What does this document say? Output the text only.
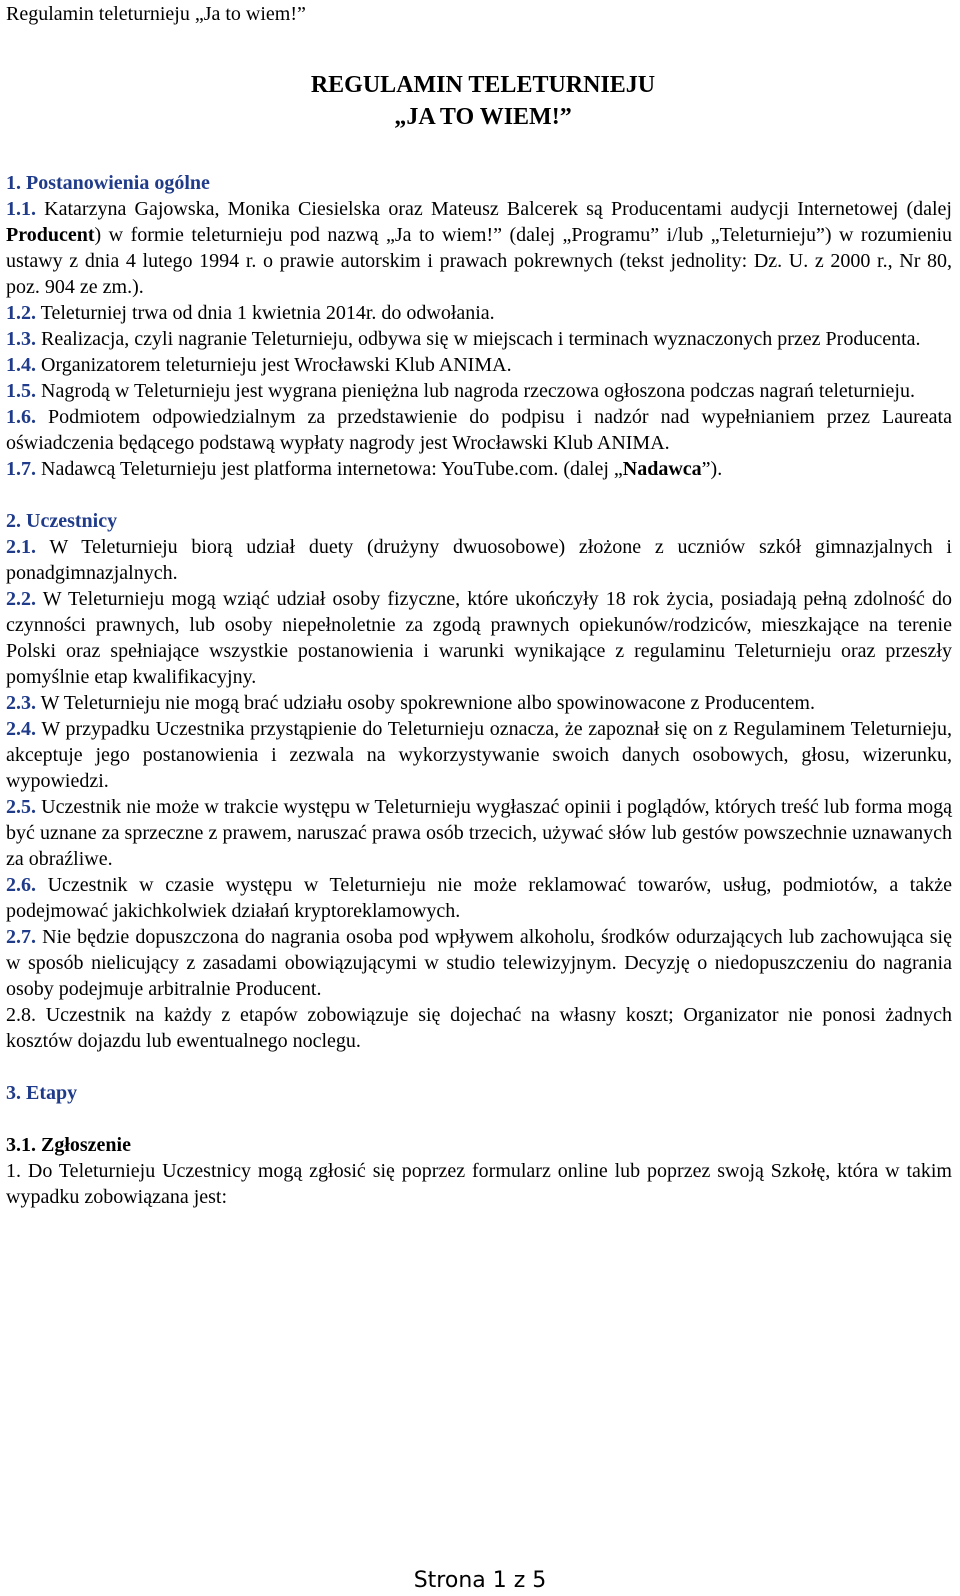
Regulamin teleturnieju „Ja to wiem!”
REGULAMIN TELETURNIEJU
„JA TO WIEM!”

1. Postanowienia ogólne

1.1. Katarzyna Gajowska, Monika Ciesielska oraz Mateusz Balcerek są Producentami audycji Internetowej (dalej Producent) w formie teleturnieju pod nazwą „Ja to wiem!” (dalej „Programu” i/lub „Teleturnieju”) w rozumieniu ustawy z dnia 4 lutego 1994 r. o prawie autorskim i prawach pokrewnych (tekst jednolity: Dz. U. z 2000 r., Nr 80, poz. 904 ze zm.).

1.2. Teleturniej trwa od dnia 1 kwietnia 2014r. do odwołania.

1.3. Realizacja, czyli nagranie Teleturnieju, odbywa się w miejscach i terminach wyznaczonych przez Producenta.

1.4. Organizatorem teleturnieju jest Wrocławski Klub ANIMA.

1.5. Nagrodą w Teleturnieju jest wygrana pieniężna lub nagroda rzeczowa ogłoszona podczas nagrań teleturnieju.

1.6. Podmiotem odpowiedzialnym za przedstawienie do podpisu i nadzór nad wypełnianiem przez Laureata oświadczenia będącego podstawą wypłaty nagrody jest Wrocławski Klub ANIMA.

1.7. Nadawcą Teleturnieju jest platforma internetowa: YouTube.com. (dalej „Nadawca”).

2. Uczestnicy

2.1. W Teleturnieju biorą udział duety (drużyny dwuosobowe) złożone z uczniów szkół gimnazjalnych i ponadgimnazjalnych.

2.2. W Teleturnieju mogą wziąć udział osoby fizyczne, które ukończyły 18 rok życia, posiadają pełną zdolność do czynności prawnych, lub osoby niepełnoletnie za zgodą prawnych opiekunów/rodziców, mieszkające na terenie Polski oraz spełniające wszystkie postanowienia i warunki wynikające z regulaminu Teleturnieju oraz przeszły pomyślnie etap kwalifikacyjny.

2.3. W Teleturnieju nie mogą brać udziału osoby spokrewnione albo spowinowacone z Producentem.

2.4. W przypadku Uczestnika przystąpienie do Teleturnieju oznacza, że zapoznał się on z Regulaminem Teleturnieju, akceptuje jego postanowienia i zezwala na wykorzystywanie swoich danych osobowych, głosu, wizerunku, wypowiedzi.

2.5. Uczestnik nie może w trakcie występu w Teleturnieju wygłaszać opinii i poglądów, których treść lub forma mogą być uznane za sprzeczne z prawem, naruszać prawa osób trzecich, używać słów lub gestów powszechnie uznawanych za obraźliwe.

2.6. Uczestnik w czasie występu w Teleturnieju nie może reklamować towarów, usług, podmiotów, a także podejmować jakichkolwiek działań kryptoreklamowych.

2.7. Nie będzie dopuszczona do nagrania osoba pod wpływem alkoholu, środków odurzających lub zachowująca się w sposób nielicujący z zasadami obowiązującymi w studio telewizyjnym. Decyzję o niedopuszczeniu do nagrania osoby podejmuje arbitralnie Producent.

2.8. Uczestnik na każdy z etapów zobowiązuje się dojechać na własny koszt; Organizator nie ponosi żadnych kosztów dojazdu lub ewentualnego noclegu.

3. Etapy

3.1. Zgłoszenie

1. Do Teleturnieju Uczestnicy mogą zgłosić się poprzez formularz online lub poprzez swoją Szkołę, która w takim wypadku zobowiązana jest:

Strona 1 z 5
